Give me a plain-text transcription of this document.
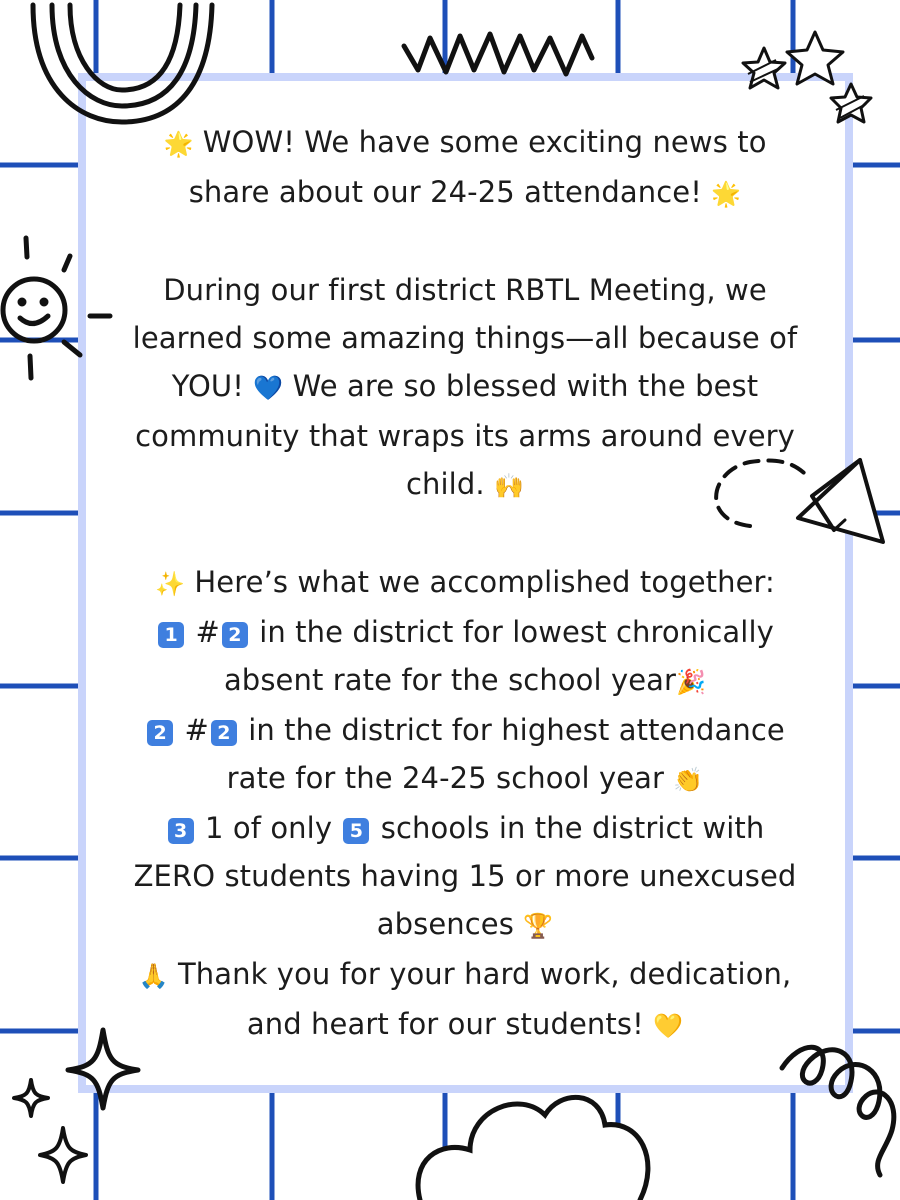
🌟 WOW! We have some exciting news to
share about our 24-25 attendance! 🌟

During our first district RBTL Meeting, we
learned some amazing things—all because of
YOU! 💙 We are so blessed with the best
community that wraps its arms around every
child. 🙌

✨ Here’s what we accomplished together:
1 # 2 in the district for lowest chronically
absent rate for the school year🎉
2 # 2 in the district for highest attendance
rate for the 24-25 school year 👏
3 1 of only 5 schools in the district with
ZERO students having 15 or more unexcused
absences 🏆
🙏 Thank you for your hard work, dedication,
and heart for our students! 💛
